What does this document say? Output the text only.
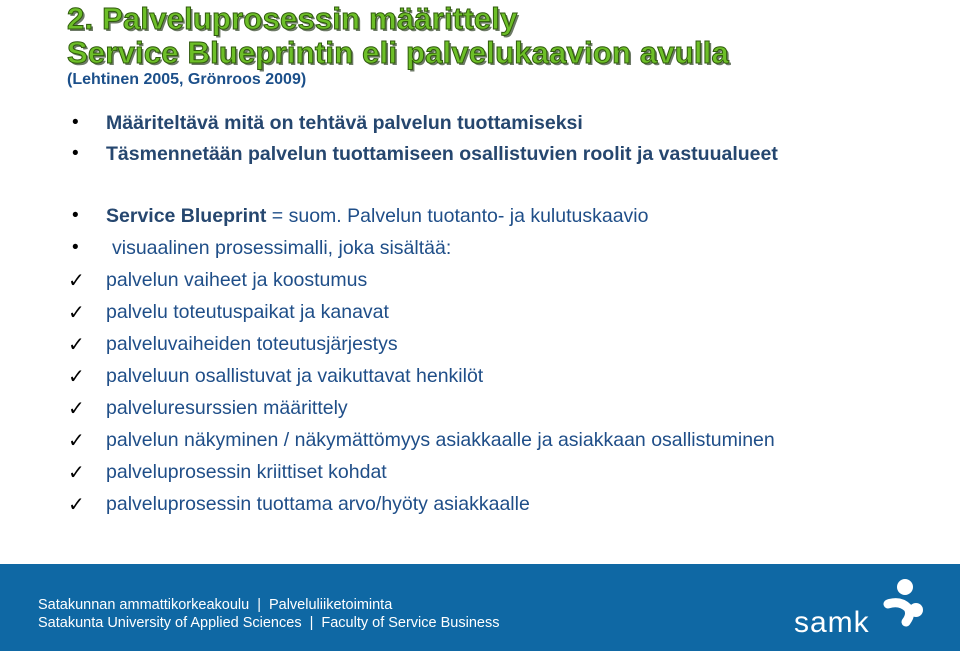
2. Palveluprosessin määrittely
Service Blueprintin eli palvelukaavion avulla
(Lehtinen 2005, Grönroos 2009)
•	Määriteltävä mitä on tehtävä palvelun tuottamiseksi
•	Täsmennetään palvelun tuottamiseen osallistuvien roolit ja vastuualueet
•	Service Blueprint = suom. Palvelun tuotanto- ja kulutuskaavio
•	visuaalinen prosessimalli, joka sisältää:
✓ palvelun vaiheet ja koostumus
✓ palvelu toteutuspaikat ja kanavat
✓ palveluvaiheiden toteutusjärjestys
✓ palveluun osallistuvat ja vaikuttavat henkilöt
✓ palveluresurssien määrittely
✓ palvelun näkyminen / näkymättömyys asiakkaalle ja asiakkaan osallistuminen
✓ palveluprosessin kriittiset kohdat
✓ palveluprosessin tuottama arvo/hyöty asiakkaalle
Satakunnan ammattikorkeakoulu | Palveluliiketoiminta
Satakunta University of Applied Sciences | Faculty of Service Business	samk
